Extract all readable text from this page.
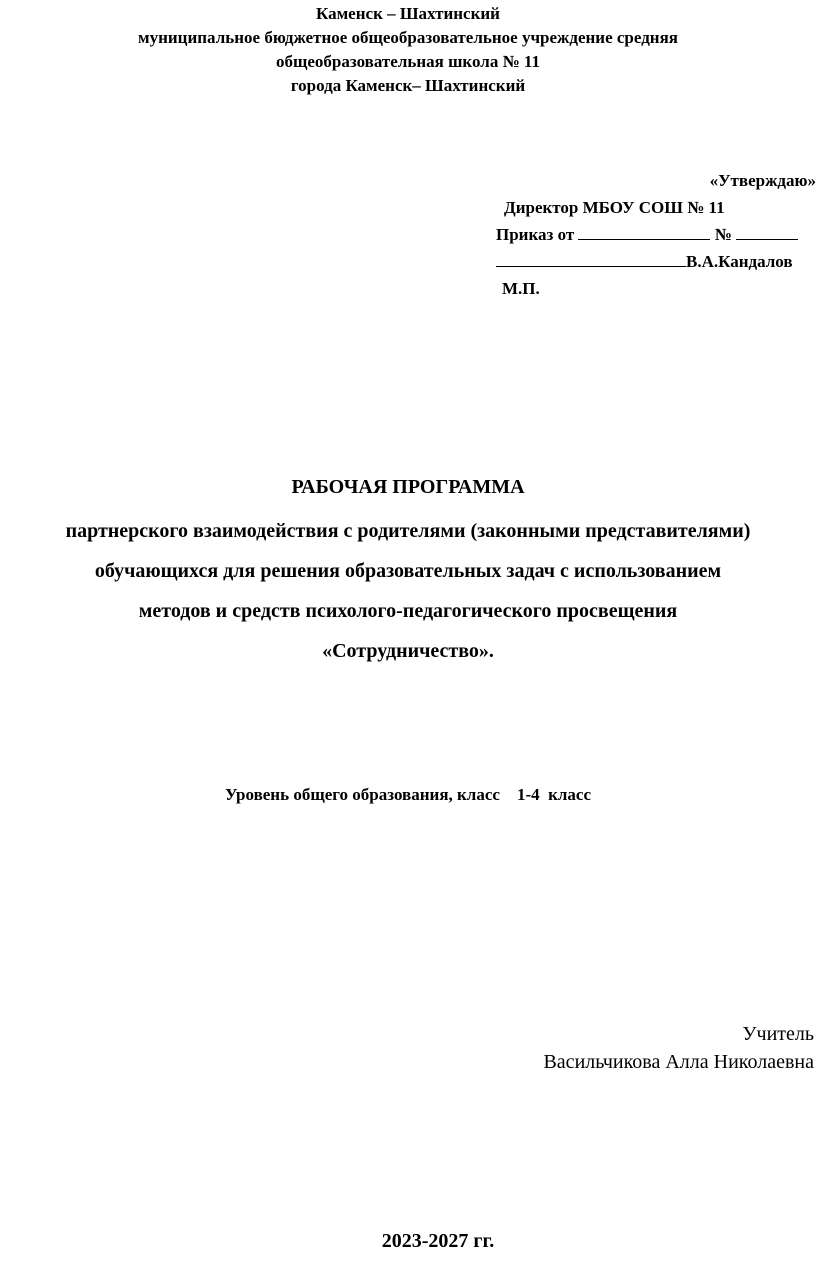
Каменск – Шахтинский
муниципальное бюджетное общеобразовательное учреждение средняя
общеобразовательная школа № 11
города Каменск– Шахтинский
«Утверждаю»
Директор МБОУ СОШ № 11
Приказ от	№
В.А.Кандалов
М.П.
РАБОЧАЯ ПРОГРАММА
партнерского взаимодействия с родителями (законными представителями)
обучающихся для решения образовательных задач с использованием
методов и средств психолого-педагогического просвещения
«Сотрудничество».
Уровень общего образования, класс    1-4  класс
Учитель
Васильчикова Алла Николаевна
2023-2027 гг.
